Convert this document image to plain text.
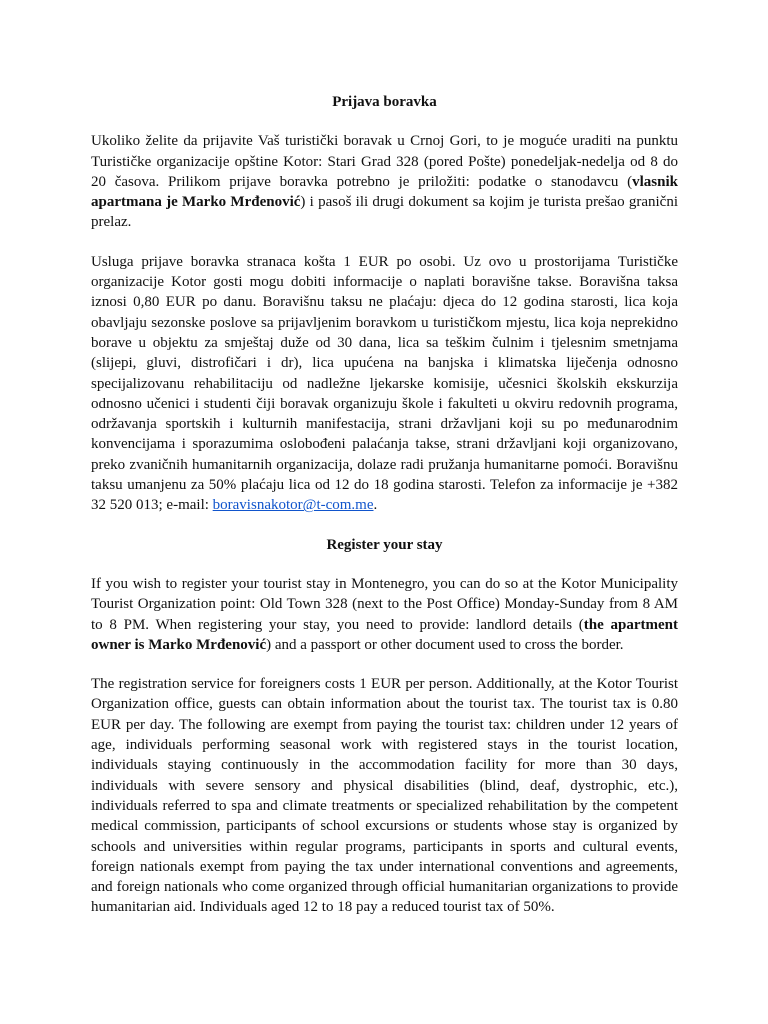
Prijava boravka

Ukoliko želite da prijavite Vaš turistički boravak u Crnoj Gori, to je moguće uraditi na punktu Turističke organizacije opštine Kotor: Stari Grad 328 (pored Pošte) ponedeljak-nedelja od 8 do 20 časova. Prilikom prijave boravka potrebno je priložiti: podatke o stanodavcu (vlasnik apartmana je Marko Mrđenović) i pasoš ili drugi dokument sa kojim je turista prešao granični prelaz.

Usluga prijave boravka stranaca košta 1 EUR po osobi. Uz ovo u prostorijama Turističke organizacije Kotor gosti mogu dobiti informacije o naplati boravišne takse. Boravišna taksa iznosi 0,80 EUR po danu. Boravišnu taksu ne plaćaju: djeca do 12 godina starosti, lica koja obavljaju sezonske poslove sa prijavljenim boravkom u turističkom mjestu, lica koja neprekidno borave u objektu za smještaj duže od 30 dana, lica sa teškim čulnim i tjelesnim smetnjama (slijepi, gluvi, distrofičari i dr), lica upućena na banjska i klimatska liječenja odnosno specijalizovanu rehabilitaciju od nadležne ljekarske komisije, učesnici školskih ekskurzija odnosno učenici i studenti čiji boravak organizuju škole i fakulteti u okviru redovnih programa, održavanja sportskih i kulturnih manifestacija, strani državljani koji su po međunarodnim konvencijama i sporazumima oslobođeni palaćanja takse, strani državljani koji organizovano, preko zvaničnih humanitarnih organizacija, dolaze radi pružanja humanitarne pomoći. Boravišnu taksu umanjenu za 50% plaćaju lica od 12 do 18 godina starosti. Telefon za informacije je +382 32 520 013; e-mail: boravisnakotor@t-com.me.

Register your stay

If you wish to register your tourist stay in Montenegro, you can do so at the Kotor Municipality Tourist Organization point: Old Town 328 (next to the Post Office) Monday-Sunday from 8 AM to 8 PM. When registering your stay, you need to provide: landlord details (the apartment owner is Marko Mrđenović) and a passport or other document used to cross the border.

The registration service for foreigners costs 1 EUR per person. Additionally, at the Kotor Tourist Organization office, guests can obtain information about the tourist tax. The tourist tax is 0.80 EUR per day. The following are exempt from paying the tourist tax: children under 12 years of age, individuals performing seasonal work with registered stays in the tourist location, individuals staying continuously in the accommodation facility for more than 30 days, individuals with severe sensory and physical disabilities (blind, deaf, dystrophic, etc.), individuals referred to spa and climate treatments or specialized rehabilitation by the competent medical commission, participants of school excursions or students whose stay is organized by schools and universities within regular programs, participants in sports and cultural events, foreign nationals exempt from paying the tax under international conventions and agreements, and foreign nationals who come organized through official humanitarian organizations to provide humanitarian aid. Individuals aged 12 to 18 pay a reduced tourist tax of 50%.
